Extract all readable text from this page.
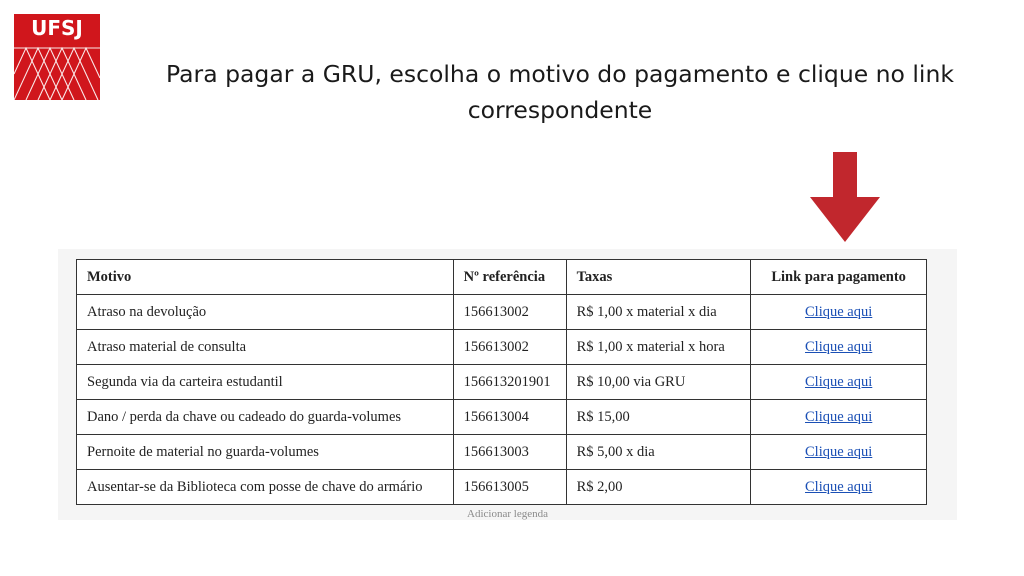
UFSJ
Para pagar a GRU, escolha o motivo do pagamento e clique no link
correspondente
Motivo	Nº referência	Taxas	Link para pagamento
Atraso na devolução	156613002	R$ 1,00 x material x dia	Clique aqui
Atraso material de consulta	156613002	R$ 1,00 x material x hora	Clique aqui
Segunda via da carteira estudantil	156613201901	R$ 10,00 via GRU	Clique aqui
Dano / perda da chave ou cadeado do guarda-volumes	156613004	R$ 15,00	Clique aqui
Pernoite de material no guarda-volumes	156613003	R$ 5,00 x dia	Clique aqui
Ausentar-se da Biblioteca com posse de chave do armário	156613005	R$ 2,00	Clique aqui
Adicionar legenda
